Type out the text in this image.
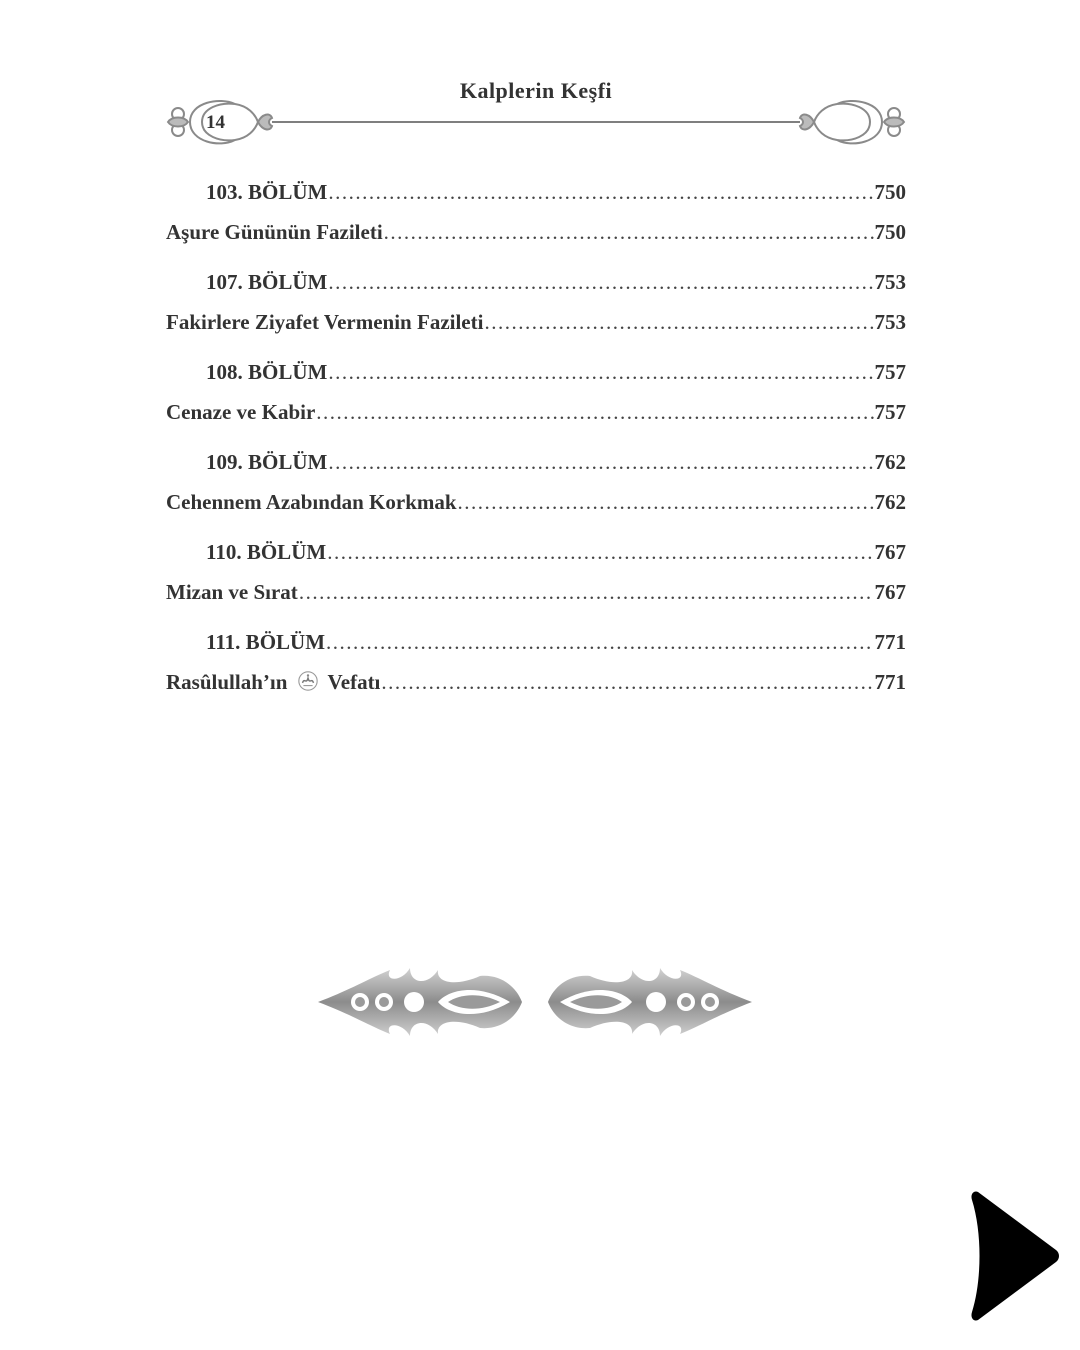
Kalplerin Keşfi
14
103. BÖLÜM .....	750
Aşure Gününün Fazileti .....	750
107. BÖLÜM .....	753
Fakirlere Ziyafet Vermenin Fazileti .....	753
108. BÖLÜM .....	757
Cenaze ve Kabir .....	757
109. BÖLÜM .....	762
Cehennem Azabından Korkmak .....	762
110. BÖLÜM .....	767
Mizan ve Sırat .....	767
111. BÖLÜM .....	771
Rasûlullah’ın Vefatı .....	771
